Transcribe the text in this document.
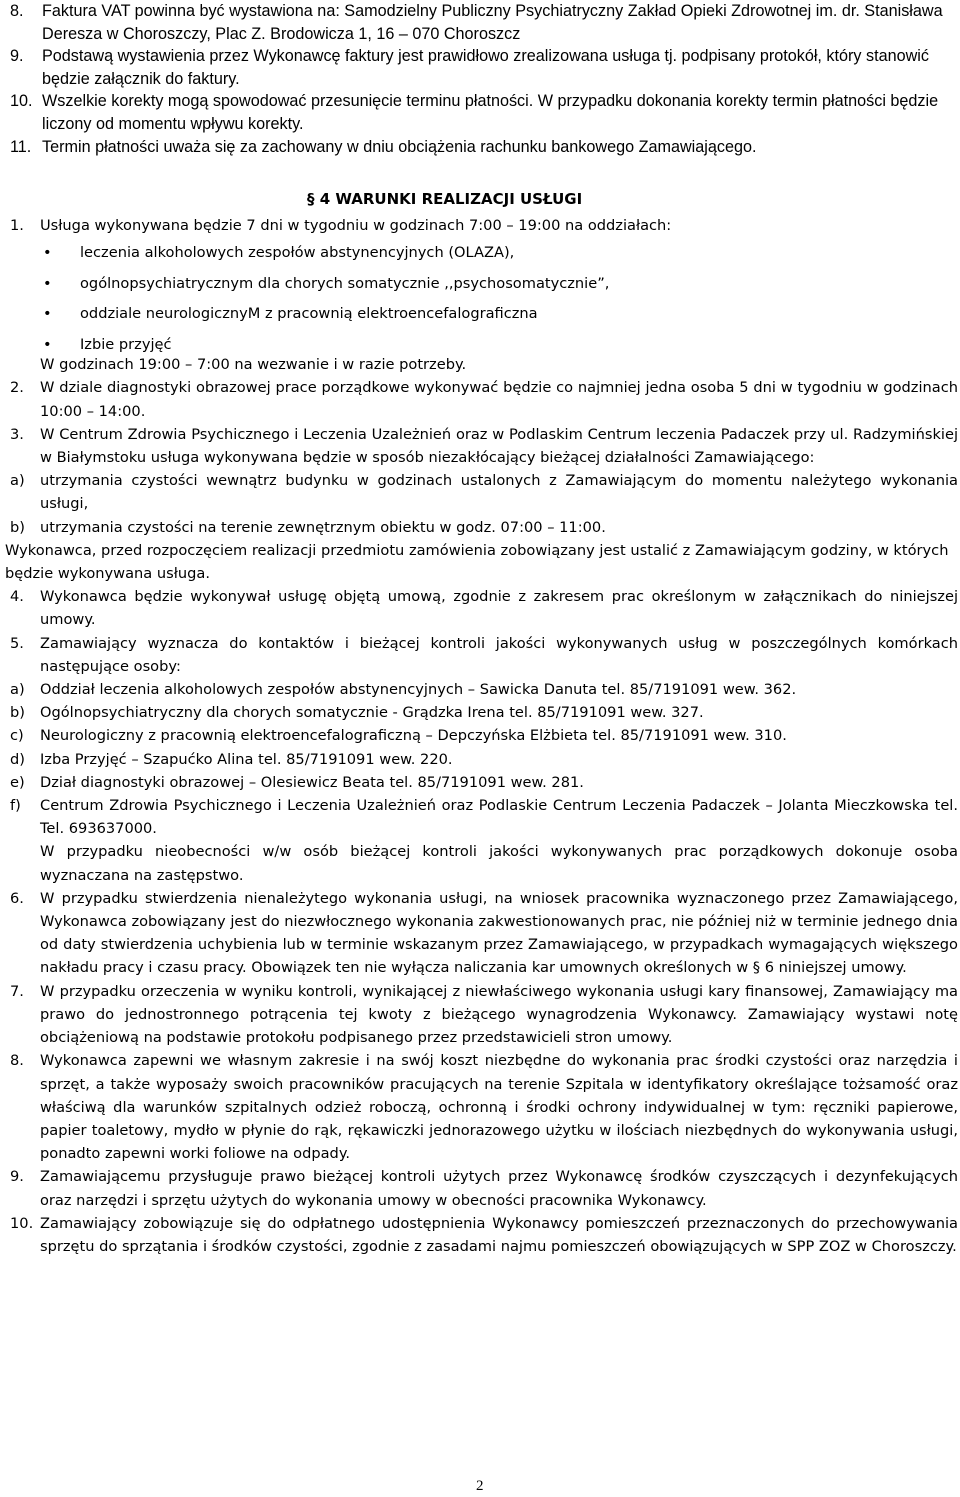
8.	Faktura VAT powinna być wystawiona na: Samodzielny Publiczny Psychiatryczny Zakład Opieki Zdrowotnej im. dr. Stanisława Deresza w Choroszczy, Plac Z. Brodowicza 1, 16 – 070 Choroszcz
9.	Podstawą wystawienia przez Wykonawcę faktury jest prawidłowo zrealizowana usługa tj. podpisany protokół, który stanowić będzie załącznik do faktury.
10. Wszelkie korekty mogą spowodować przesunięcie terminu płatności. W przypadku dokonania korekty termin płatności będzie liczony od momentu wpływu korekty.
11. Termin płatności uważa się za zachowany w dniu obciążenia rachunku bankowego Zamawiającego.
§ 4 WARUNKI REALIZACJI USŁUGI
1.	Usługa wykonywana będzie 7 dni w tygodniu w godzinach 7:00 – 19:00 na oddziałach:
•	leczenia alkoholowych zespołów abstynencyjnych (OLAZA),
•	ogólnopsychiatrycznym dla chorych somatycznie ,,psychosomatycznie”,
•	oddziale neurologicznyM z pracownią elektroencefalograficzna
•	Izbie przyjęć
W godzinach 19:00 – 7:00 na wezwanie i w razie potrzeby.
2.	W dziale diagnostyki obrazowej prace porządkowe wykonywać będzie co najmniej jedna osoba 5 dni w tygodniu w godzinach 10:00 – 14:00.
3.	W Centrum Zdrowia Psychicznego i Leczenia Uzależnień oraz w Podlaskim Centrum leczenia Padaczek przy ul. Radzymińskiej w Białymstoku usługa wykonywana będzie w sposób niezakłócający bieżącej działalności Zamawiającego:
a)	utrzymania czystości wewnątrz budynku w godzinach ustalonych z Zamawiającym do momentu należytego wykonania usługi,
b)	utrzymania czystości na terenie zewnętrznym obiektu w godz. 07:00 – 11:00.
Wykonawca, przed rozpoczęciem realizacji przedmiotu zamówienia zobowiązany jest ustalić z Zamawiającym godziny, w których będzie wykonywana usługa.
4.	Wykonawca będzie wykonywał usługę objętą umową, zgodnie z zakresem prac określonym w załącznikach do niniejszej umowy.
5.	Zamawiający wyznacza do kontaktów i bieżącej kontroli jakości wykonywanych usług w poszczególnych komórkach następujące osoby:
a)	Oddział leczenia alkoholowych zespołów abstynencyjnych – Sawicka Danuta tel. 85/7191091 wew. 362.
b)	Ogólnopsychiatryczny dla chorych somatycznie - Grądzka Irena tel. 85/7191091 wew. 327.
c)	Neurologiczny z pracownią elektroencefalograficzną – Depczyńska Elżbieta tel. 85/7191091 wew. 310.
d)	Izba Przyjęć – Szapućko Alina tel. 85/7191091 wew. 220.
e)	Dział diagnostyki obrazowej – Olesiewicz Beata tel. 85/7191091 wew. 281.
f)	Centrum Zdrowia Psychicznego i Leczenia Uzależnień oraz Podlaskie Centrum Leczenia Padaczek – Jolanta Mieczkowska tel. Tel. 693637000.
W przypadku nieobecności w/w osób bieżącej kontroli jakości wykonywanych prac porządkowych dokonuje osoba wyznaczana na zastępstwo.
6.	W przypadku stwierdzenia nienależytego wykonania usługi, na wniosek pracownika wyznaczonego przez Zamawiającego, Wykonawca zobowiązany jest do niezwłocznego wykonania zakwestionowanych prac, nie później niż w terminie jednego dnia od daty stwierdzenia uchybienia lub w terminie wskazanym przez Zamawiającego, w przypadkach wymagających większego nakładu pracy i czasu pracy. Obowiązek ten nie wyłącza naliczania kar umownych określonych w § 6 niniejszej umowy.
7.	W przypadku orzeczenia w wyniku kontroli, wynikającej z niewłaściwego wykonania usługi kary finansowej, Zamawiający ma prawo do jednostronnego potrącenia tej kwoty z bieżącego wynagrodzenia Wykonawcy. Zamawiający wystawi notę obciążeniową na podstawie protokołu podpisanego przez przedstawicieli stron umowy.
8.	Wykonawca zapewni we własnym zakresie i na swój koszt niezbędne do wykonania prac środki czystości oraz narzędzia i sprzęt, a także wyposaży swoich pracowników pracujących na terenie Szpitala w identyfikatory określające tożsamość oraz właściwą dla warunków szpitalnych odzież roboczą, ochronną i środki ochrony indywidualnej w tym: ręczniki papierowe, papier toaletowy, mydło w płynie do rąk, rękawiczki jednorazowego użytku w ilościach niezbędnych do wykonywania usługi, ponadto zapewni worki foliowe na odpady.
9.	Zamawiającemu przysługuje prawo bieżącej kontroli użytych przez Wykonawcę środków czyszczących i dezynfekujących oraz narzędzi i sprzętu użytych do wykonania umowy w obecności pracownika Wykonawcy.
10. Zamawiający zobowiązuje się do odpłatnego udostępnienia Wykonawcy pomieszczeń przeznaczonych do przechowywania sprzętu do sprzątania i środków czystości, zgodnie z zasadami najmu pomieszczeń obowiązujących w SPP ZOZ w Choroszczy.
2
